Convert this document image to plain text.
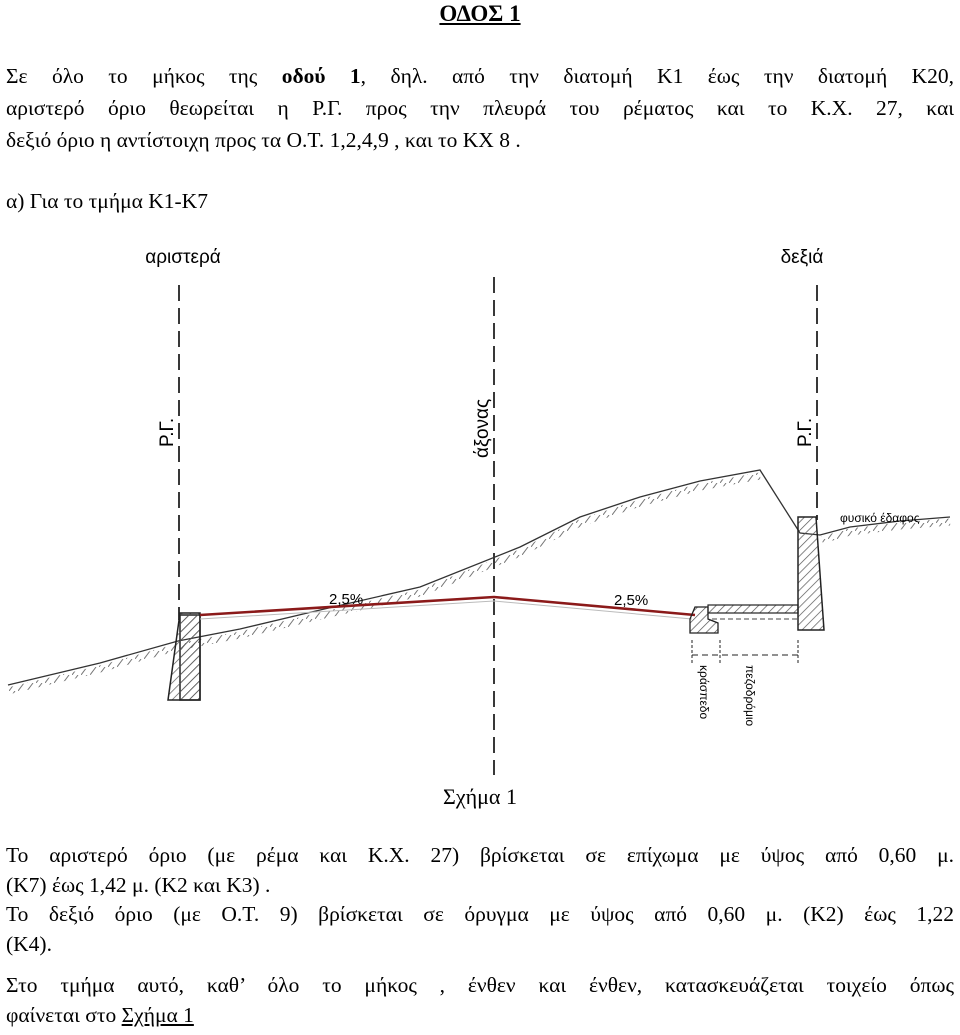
ΟΔΟΣ 1
Σε όλο το μήκος της οδού 1, δηλ. από την διατομή Κ1 έως την διατομή Κ20,
αριστερό όριο θεωρείται η Ρ.Γ. προς την πλευρά του ρέματος και το Κ.Χ. 27, και
δεξιό όριο η αντίστοιχη προς τα Ο.Τ. 1,2,4,9 , και το ΚΧ 8 .
α) Για το τμήμα Κ1-Κ7
αριστερά	δεξιά
Ρ.Γ.	άξονας	Ρ.Γ.
2,5%	2,5%
φυσικό έδαφος
κράσπεδο	πεζοδρόμιο
Σχήμα 1
Το αριστερό όριο (με ρέμα και Κ.Χ. 27) βρίσκεται σε επίχωμα με ύψος από 0,60 μ.
(Κ7) έως 1,42 μ. (Κ2 και Κ3) .
Το δεξιό όριο (με Ο.Τ. 9) βρίσκεται σε όρυγμα με ύψος από 0,60 μ. (Κ2) έως 1,22
(Κ4).
Στο τμήμα αυτό, καθ’ όλο το μήκος , ένθεν και ένθεν, κατασκευάζεται τοιχείο όπως
φαίνεται στο Σχήμα 1
